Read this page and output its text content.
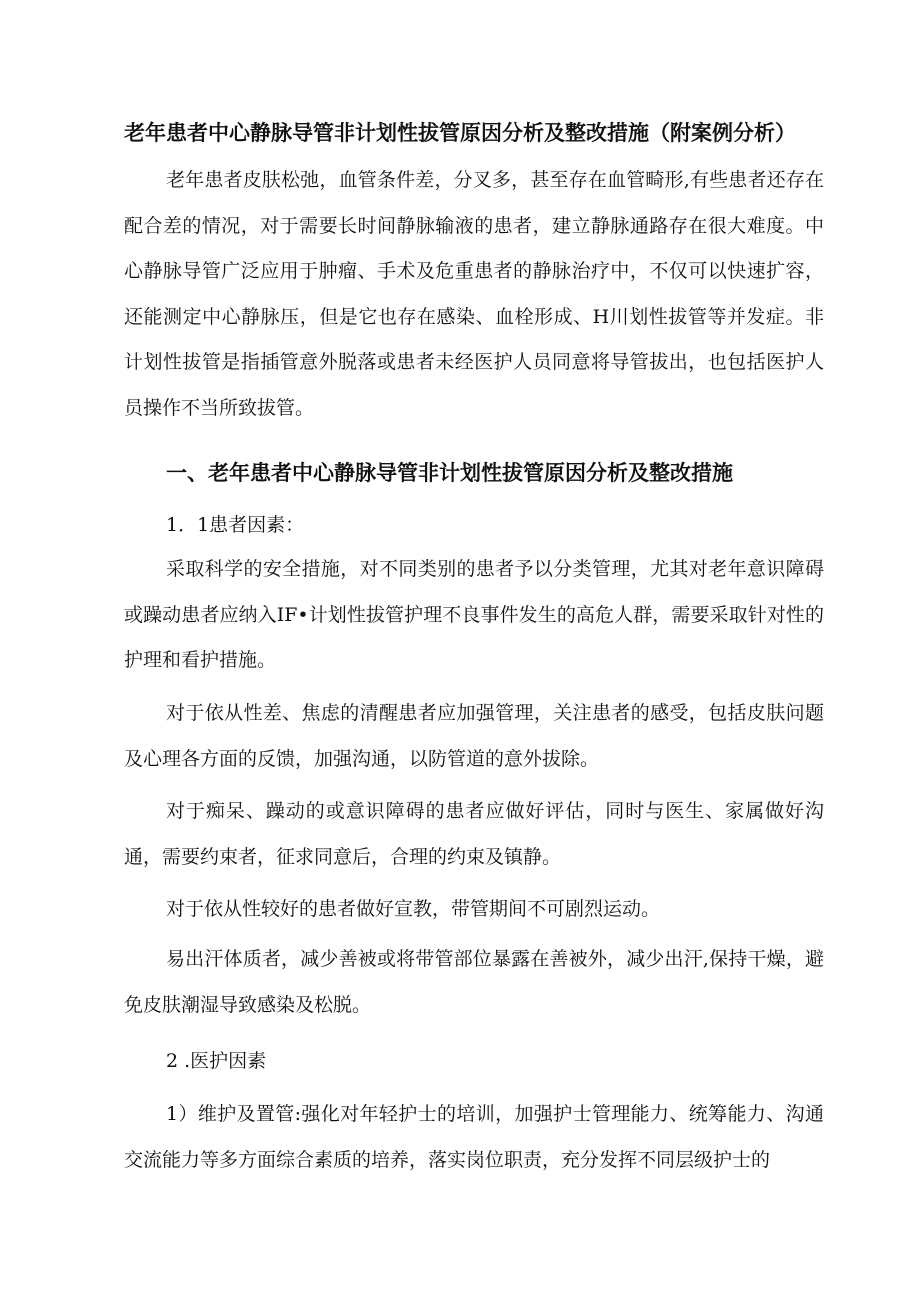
老年患者中心静脉导管非计划性拔管原因分析及整改措施（附案例分析）

老年患者皮肤松弛，血管条件差，分叉多，甚至存在血管畸形,有些患者还存在配合差的情况，对于需要长时间静脉输液的患者，建立静脉通路存在很大难度。中心静脉导管广泛应用于肿瘤、手术及危重患者的静脉治疗中，不仅可以快速扩容，还能测定中心静脉压，但是它也存在感染、血栓形成、H川划性拔管等并发症。非计划性拔管是指插管意外脱落或患者未经医护人员同意将导管拔出，也包括医护人员操作不当所致拔管。

一、老年患者中心静脉导管非计划性拔管原因分析及整改措施
1．1患者因素：

采取科学的安全措施，对不同类别的患者予以分类管理，尤其对老年意识障碍或躁动患者应纳入IF•计划性拔管护理不良事件发生的高危人群，需要采取针对性的护理和看护措施。

对于依从性差、焦虑的清醒患者应加强管理，关注患者的感受，包括皮肤问题及心理各方面的反馈，加强沟通，以防管道的意外拔除。

对于痴呆、躁动的或意识障碍的患者应做好评估，同时与医生、家属做好沟通，需要约束者，征求同意后，合理的约束及镇静。

对于依从性较好的患者做好宣教，带管期间不可剧烈运动。

易出汗体质者，减少善被或将带管部位暴露在善被外，减少出汗,保持干燥，避免皮肤潮湿导致感染及松脱。

2 .医护因素

1）维护及置管:强化对年轻护士的培训，加强护士管理能力、统筹能力、沟通交流能力等多方面综合素质的培养，落实岗位职责，充分发挥不同层级护士的
